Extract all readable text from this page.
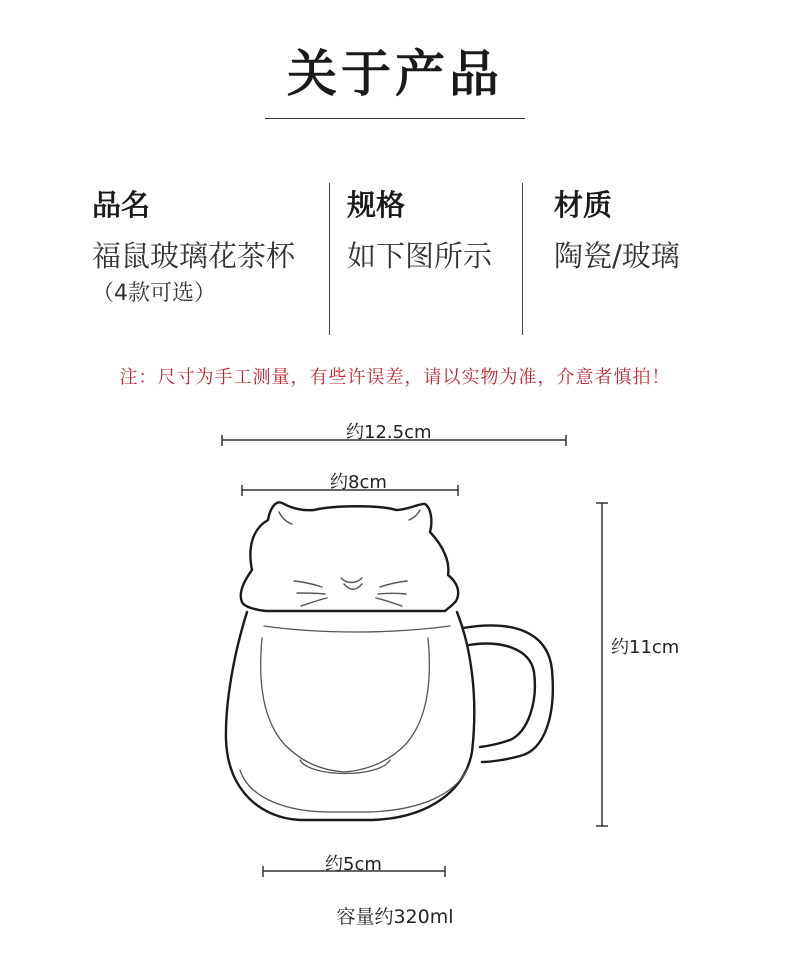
关于产品
品名
福鼠玻璃花茶杯
（4款可选）
规格
如下图所示
材质
陶瓷/玻璃
注：尺寸为手工测量，有些许误差，请以实物为准，介意者慎拍！
约12.5cm
约8cm
约11cm
约5cm
容量约320ml
